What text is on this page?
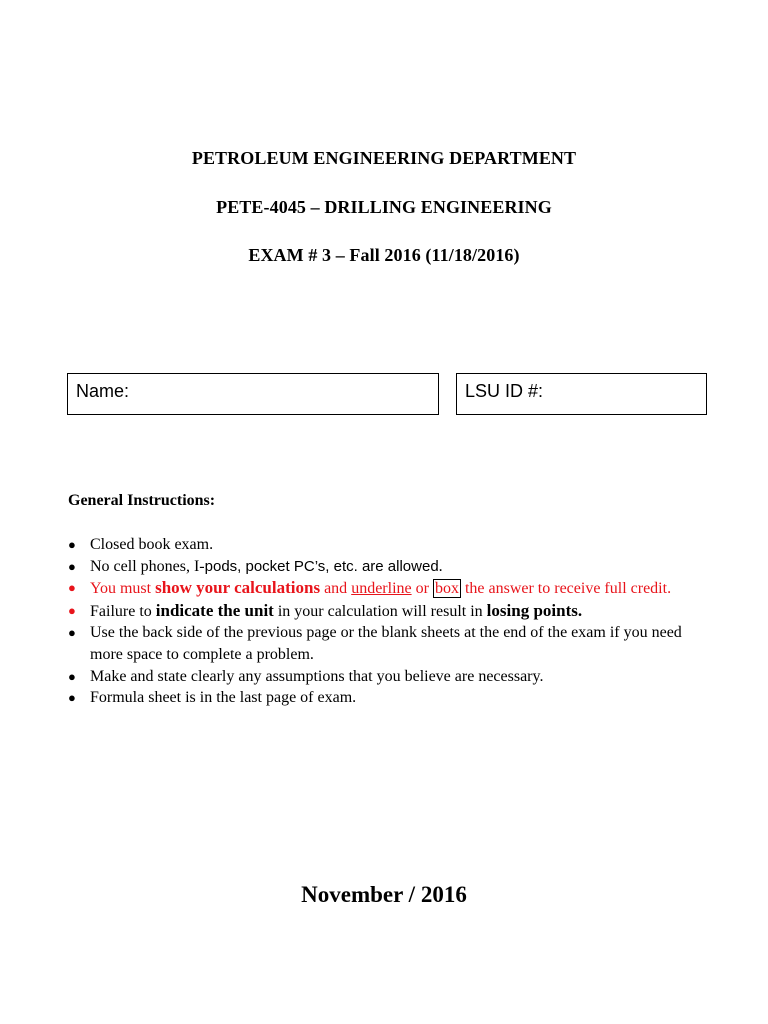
PETROLEUM ENGINEERING DEPARTMENT
PETE-4045 – DRILLING ENGINEERING
EXAM # 3 – Fall 2016 (11/18/2016)
Name:	LSU ID #:
General Instructions:
● Closed book exam.
● No cell phones, I-pods, pocket PC’s, etc. are allowed.
● You must show your calculations and underline or box the answer to receive full credit.
● Failure to indicate the unit in your calculation will result in losing points.
● Use the back side of the previous page or the blank sheets at the end of the exam if you need more space to complete a problem.
● Make and state clearly any assumptions that you believe are necessary.
● Formula sheet is in the last page of exam.
November / 2016
